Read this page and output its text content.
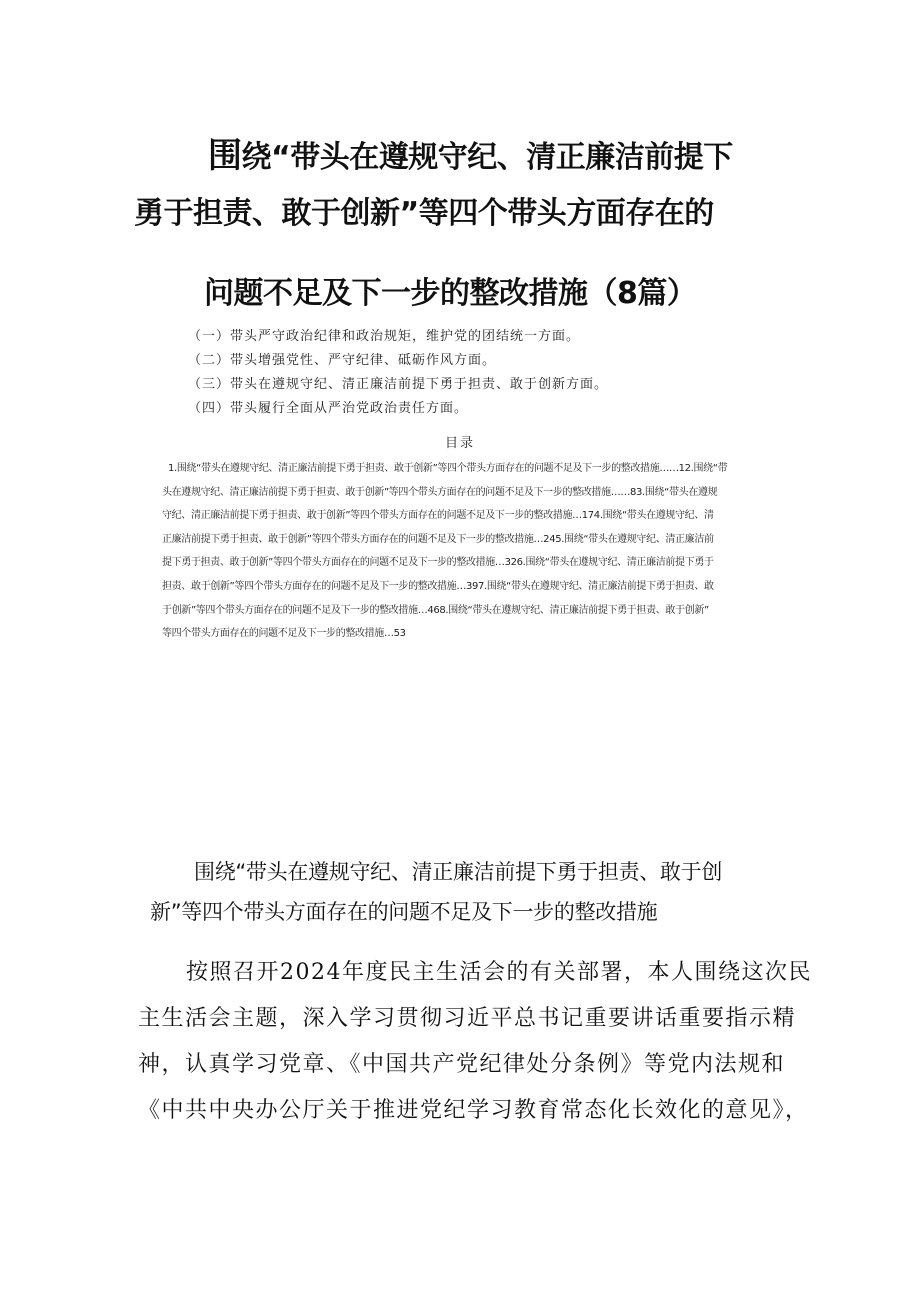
围绕“带头在遵规守纪、清正廉洁前提下
勇于担责、敢于创新”等四个带头方面存在的
问题不足及下一步的整改措施（8篇）
（一）带头严守政治纪律和政治规矩，维护党的团结统一方面。
（二）带头增强党性、严守纪律、砥砺作风方面。
（三）带头在遵规守纪、清正廉洁前提下勇于担责、敢于创新方面。
（四）带头履行全面从严治党政治责任方面。
目录
1.围绕“带头在遵规守纪、清正廉洁前提下勇于担责、敢于创新”等四个带头方面存在的问题不足及下一步的整改措施……12.围绕“带
头在遵规守纪、清正廉洁前提下勇于担责、敢于创新”等四个带头方面存在的问题不足及下一步的整改措施……83.围绕“带头在遵规
守纪、清正廉洁前提下勇于担责、敢于创新”等四个带头方面存在的问题不足及下一步的整改措施…174.围绕“带头在遵规守纪、清
正廉洁前提下勇于担责、敢于创新”等四个带头方面存在的问题不足及下一步的整改措施…245.围绕“带头在遵规守纪、清正廉洁前
提下勇于担责、敢于创新”等四个带头方面存在的问题不足及下一步的整改措施…326.围绕“带头在遵规守纪、清正廉洁前提下勇于
担责、敢于创新”等四个带头方面存在的问题不足及下一步的整改措施…397.围绕“带头在遵规守纪、清正廉洁前提下勇于担责、敢
于创新”等四个带头方面存在的问题不足及下一步的整改措施…468.围绕“带头在遵规守纪、清正廉洁前提下勇于担责、敢于创新”
等四个带头方面存在的问题不足及下一步的整改措施…53
围绕“带头在遵规守纪、清正廉洁前提下勇于担责、敢于创
新”等四个带头方面存在的问题不足及下一步的整改措施
按照召开2024年度民主生活会的有关部署，本人围绕这次民
主生活会主题，深入学习贯彻习近平总书记重要讲话重要指示精
神，认真学习党章、《中国共产党纪律处分条例》等党内法规和
《中共中央办公厅关于推进党纪学习教育常态化长效化的意见》，
